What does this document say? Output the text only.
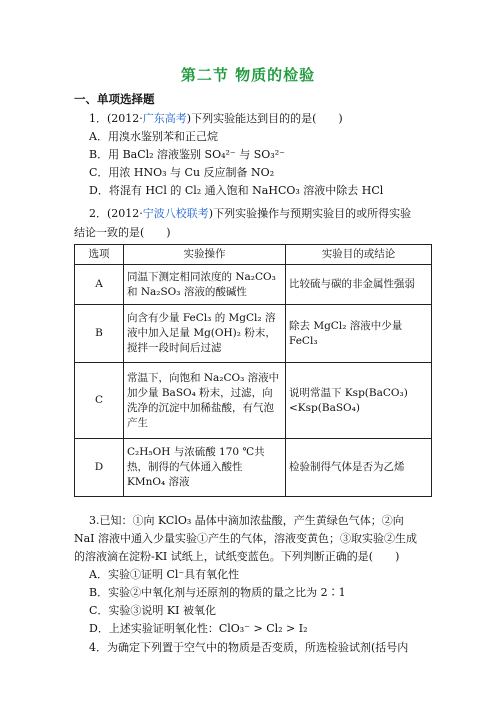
第二节 物质的检验
一、单项选择题
1．(2012·广东高考)下列实验能达到目的的是(　　)
A．用溴水鉴别苯和正己烷
B．用 BaCl₂ 溶液鉴别 SO₄²⁻ 与 SO₃²⁻
C．用浓 HNO₃ 与 Cu 反应制备 NO₂
D．将混有 HCl 的 Cl₂ 通入饱和 NaHCO₃ 溶液中除去 HCl
2．(2012·宁波八校联考)下列实验操作与预期实验目的或所得实验
结论一致的是(　　)
选项	实验操作	实验目的或结论
A	同温下测定相同浓度的 Na₂CO₃ 和 Na₂SO₃ 溶液的酸碱性	比较硫与碳的非金属性强弱
B	向含有少量 FeCl₃ 的 MgCl₂ 溶液中加入足量 Mg(OH)₂ 粉末，搅拌一段时间后过滤	除去 MgCl₂ 溶液中少量 FeCl₃
C	常温下，向饱和 Na₂CO₃ 溶液中加少量 BaSO₄ 粉末，过滤，向洗净的沉淀中加稀盐酸，有气泡产生	说明常温下 Ksp(BaCO₃)<Ksp(BaSO₄)
D	C₂H₅OH 与浓硫酸 170 ℃共热，制得的气体通入酸性 KMnO₄ 溶液	检验制得气体是否为乙烯
3.已知：①向 KClO₃ 晶体中滴加浓盐酸，产生黄绿色气体；②向
NaI 溶液中通入少量实验①产生的气体，溶液变黄色；③取实验②生成
的溶液滴在淀粉-KI 试纸上，试纸变蓝色。下列判断正确的是(　　)
A．实验①证明 Cl⁻具有氧化性
B．实验②中氧化剂与还原剂的物质的量之比为 2∶1
C．实验③说明 KI 被氧化
D．上述实验证明氧化性：ClO₃⁻ > Cl₂ > I₂
4．为确定下列置于空气中的物质是否变质，所选检验试剂(括号内
